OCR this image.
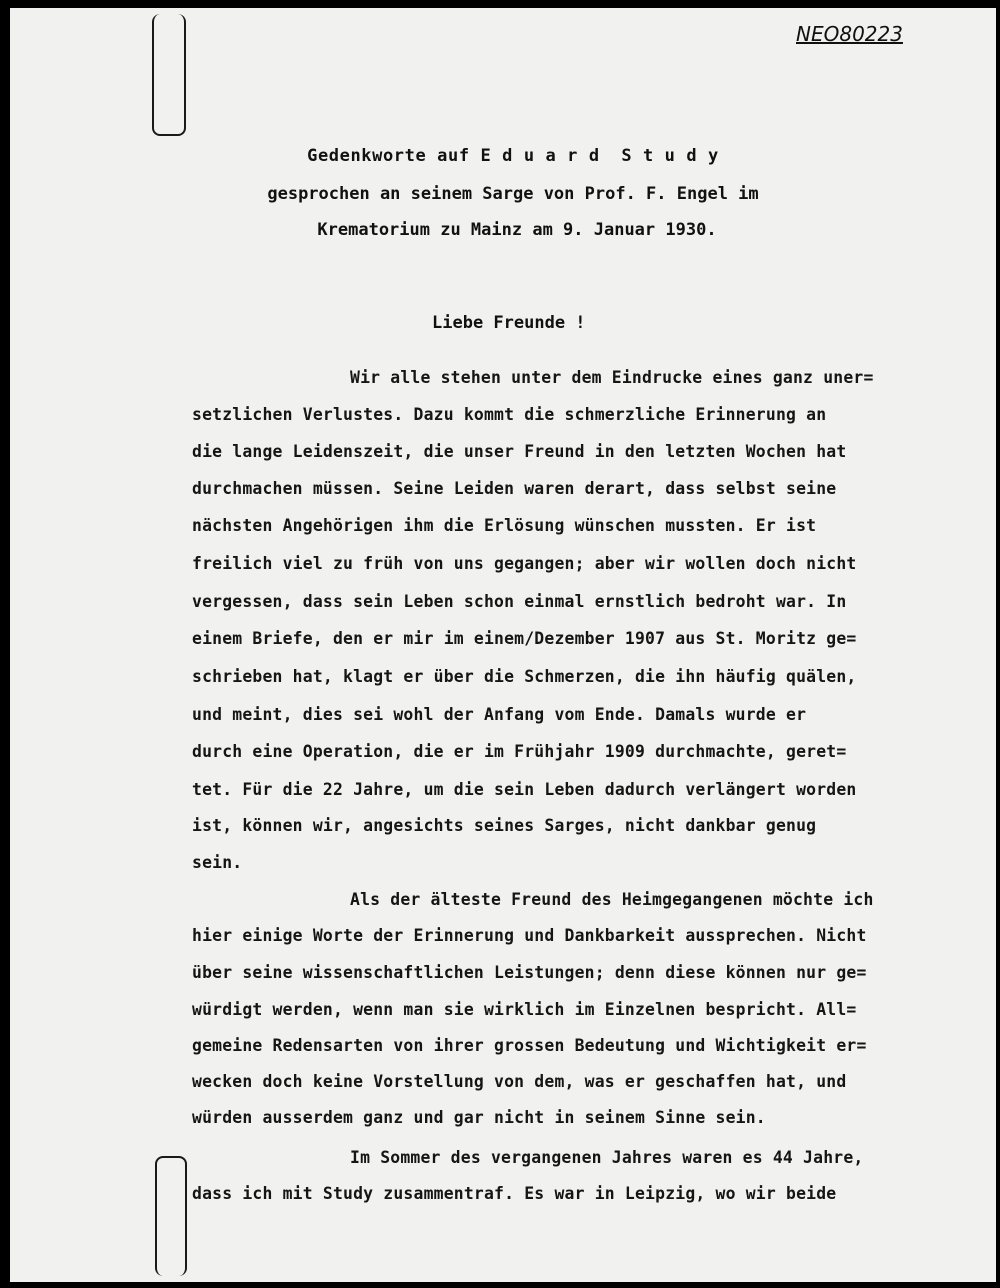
NEO80223
Gedenkworte auf E d u a r d  S t u d y
gesprochen an seinem Sarge von Prof. F. Engel im
Krematorium zu Mainz am 9. Januar 1930.
Liebe Freunde !
Wir alle stehen unter dem Eindrucke eines ganz uner=
setzlichen Verlustes. Dazu kommt die schmerzliche Erinnerung an
die lange Leidenszeit, die unser Freund in den letzten Wochen hat
durchmachen müssen. Seine Leiden waren derart, dass selbst seine
nächsten Angehörigen ihm die Erlösung wünschen mussten. Er ist
freilich viel zu früh von uns gegangen; aber wir wollen doch nicht
vergessen, dass sein Leben schon einmal ernstlich bedroht war. In
einem Briefe, den er mir im einem/Dezember 1907 aus St. Moritz ge=
schrieben hat, klagt er über die Schmerzen, die ihn häufig quälen,
und meint, dies sei wohl der Anfang vom Ende. Damals wurde er
durch eine Operation, die er im Frühjahr 1909 durchmachte, geret=
tet. Für die 22 Jahre, um die sein Leben dadurch verlängert worden
ist, können wir, angesichts seines Sarges, nicht dankbar genug
sein.
Als der älteste Freund des Heimgegangenen möchte ich
hier einige Worte der Erinnerung und Dankbarkeit aussprechen. Nicht
über seine wissenschaftlichen Leistungen; denn diese können nur ge=
würdigt werden, wenn man sie wirklich im Einzelnen bespricht. All=
gemeine Redensarten von ihrer grossen Bedeutung und Wichtigkeit er=
wecken doch keine Vorstellung von dem, was er geschaffen hat, und
würden ausserdem ganz und gar nicht in seinem Sinne sein.
Im Sommer des vergangenen Jahres waren es 44 Jahre,
dass ich mit Study zusammentraf. Es war in Leipzig, wo wir beide
